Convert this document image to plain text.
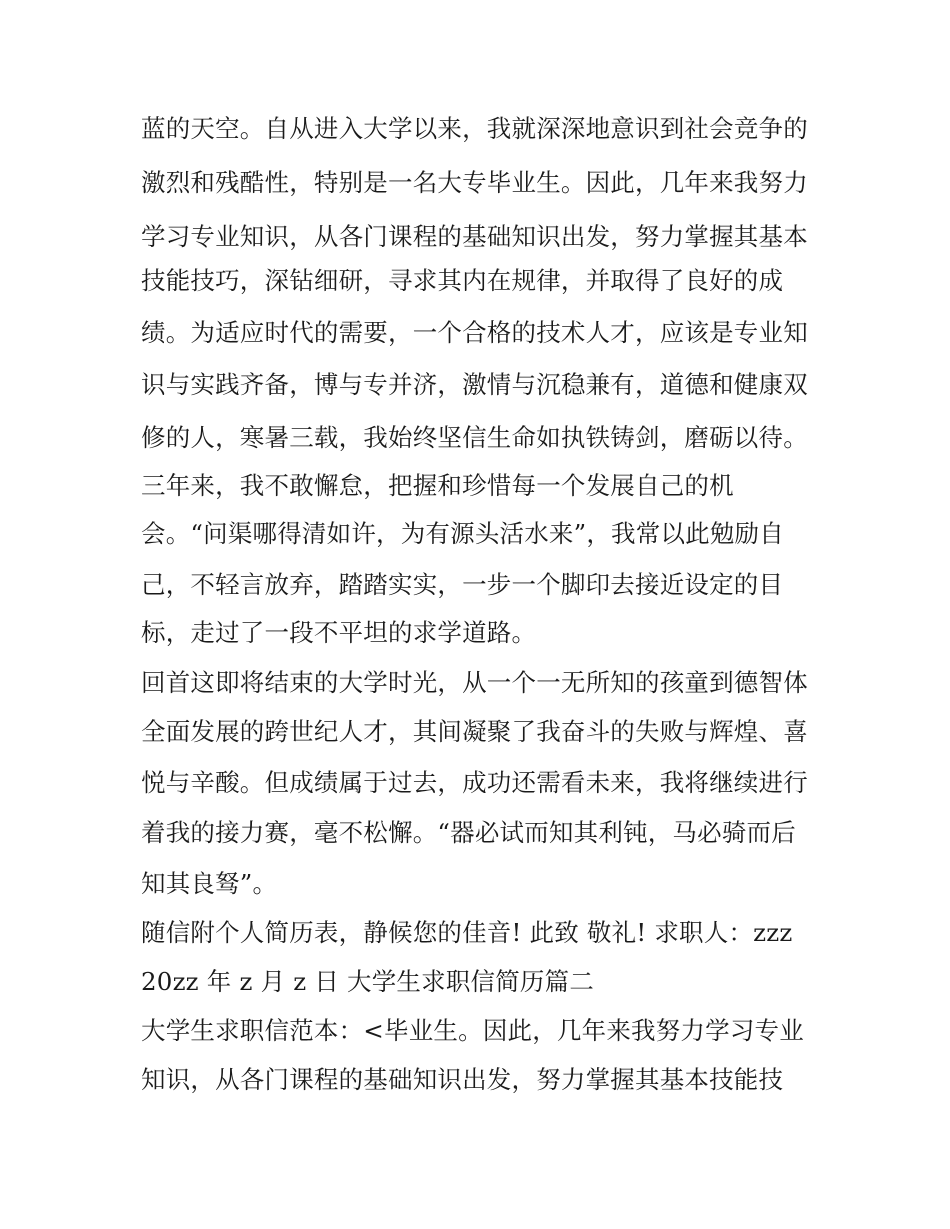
蓝的天空。自从进入大学以来，我就深深地意识到社会竞争的
激烈和残酷性，特别是一名大专毕业生。因此，几年来我努力
学习专业知识，从各门课程的基础知识出发，努力掌握其基本
技能技巧，深钻细研，寻求其内在规律，并取得了良好的成
绩。为适应时代的需要，一个合格的技术人才，应该是专业知
识与实践齐备，博与专并济，激情与沉稳兼有，道德和健康双
修的人，寒暑三载，我始终坚信生命如执铁铸剑，磨砺以待。
三年来，我不敢懈怠，把握和珍惜每一个发展自己的机
会。“问渠哪得清如许，为有源头活水来”，我常以此勉励自
己，不轻言放弃，踏踏实实，一步一个脚印去接近设定的目
标，走过了一段不平坦的求学道路。
回首这即将结束的大学时光，从一个一无所知的孩童到德智体
全面发展的跨世纪人才，其间凝聚了我奋斗的失败与辉煌、喜
悦与辛酸。但成绩属于过去，成功还需看未来，我将继续进行
着我的接力赛，毫不松懈。“器必试而知其利钝，马必骑而后
知其良驽”。
随信附个人简历表，静候您的佳音! 此致 敬礼! 求职人：zzz
20zz 年 z 月 z 日 大学生求职信简历篇二
大学生求职信范本：<毕业生。因此，几年来我努力学习专业
知识，从各门课程的基础知识出发，努力掌握其基本技能技
